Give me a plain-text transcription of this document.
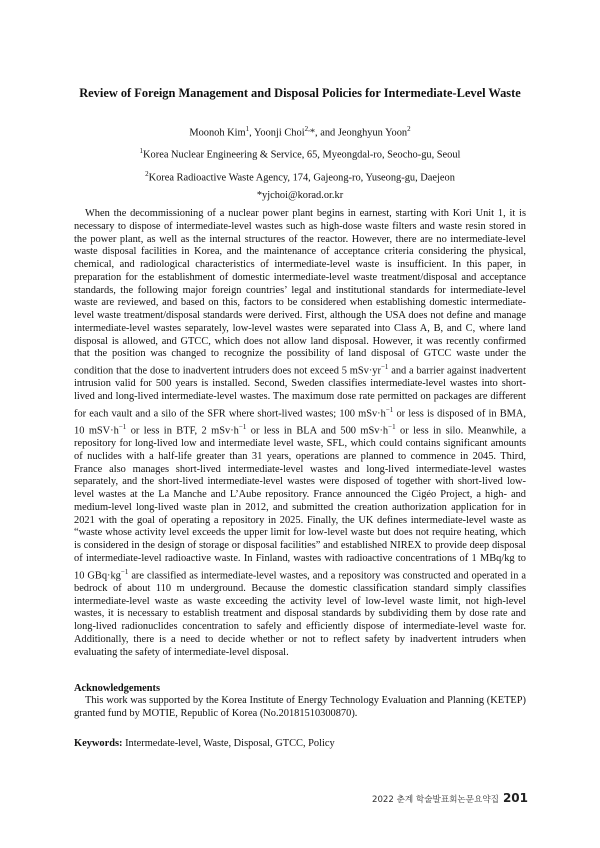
Review of Foreign Management and Disposal Policies for Intermediate-Level Waste
Moonoh Kim$^1$, Yoonji Choi$^{2,}$*, and Jeonghyun Yoon$^2$
$^1$Korea Nuclear Engineering & Service, 65, Myeongdal-ro, Seocho-gu, Seoul
$^2$Korea Radioactive Waste Agency, 174, Gajeong-ro, Yuseong-gu, Daejeon
*yjchoi@korad.or.kr

When the decommissioning of a nuclear power plant begins in earnest, starting with Kori Unit 1, it is necessary to dispose of intermediate-level wastes such as high-dose waste filters and waste resin stored in the power plant, as well as the internal structures of the reactor. However, there are no intermediate-level waste disposal facilities in Korea, and the maintenance of acceptance criteria considering the physical, chemical, and radiological characteristics of intermediate-level waste is insufficient. In this paper, in preparation for the establishment of domestic intermediate-level waste treatment/disposal and acceptance standards, the following major foreign countries’ legal and institutional standards for intermediate-level waste are reviewed, and based on this, factors to be considered when establishing domestic intermediate-level waste treatment/disposal standards were derived. First, although the USA does not define and manage intermediate-level wastes separately, low-level wastes were separated into Class A, B, and C, where land disposal is allowed, and GTCC, which does not allow land disposal. However, it was recently confirmed that the position was changed to recognize the possibility of land disposal of GTCC waste under the condition that the dose to inadvertent intruders does not exceed 5 $mSv\cdot yr^{-1}$ and a barrier against inadvertent intrusion valid for 500 years is installed. Second, Sweden classifies intermediate-level wastes into short-lived and long-lived intermediate-level wastes. The maximum dose rate permitted on packages are different for each vault and a silo of the SFR where short-lived wastes; 100 $mSv\cdot h^{-1}$ or less is disposed of in BMA, 10 $mSV\cdot h^{-1}$ or less in BTF, 2 $mSv\cdot h^{-1}$ or less in BLA and 500 $mSv\cdot h^{-1}$ or less in silo. Meanwhile, a repository for long-lived low and intermediate level waste, SFL, which could contains significant amounts of nuclides with a half-life greater than 31 years, operations are planned to commence in 2045. Third, France also manages short-lived intermediate-level wastes and long-lived intermediate-level wastes separately, and the short-lived intermediate-level wastes were disposed of together with short-lived low-level wastes at the La Manche and L’Aube repository. France announced the Cigéo Project, a high- and medium-level long-lived waste plan in 2012, and submitted the creation authorization application for in 2021 with the goal of operating a repository in 2025. Finally, the UK defines intermediate-level waste as “waste whose activity level exceeds the upper limit for low-level waste but does not require heating, which is considered in the design of storage or disposal facilities” and established NIREX to provide deep disposal of intermediate-level radioactive waste. In Finland, wastes with radioactive concentrations of 1 MBq/kg to 10 $GBq\cdot kg^{-1}$ are classified as intermediate-level wastes, and a repository was constructed and operated in a bedrock of about 110 m underground. Because the domestic classification standard simply classifies intermediate-level waste as waste exceeding the activity level of low-level waste limit, not high-level wastes, it is necessary to establish treatment and disposal standards by subdividing them by dose rate and long-lived radionuclides concentration to safely and efficiently dispose of intermediate-level waste for. Additionally, there is a need to decide whether or not to reflect safety by inadvertent intruders when evaluating the safety of intermediate-level disposal.

Acknowledgements

This work was supported by the Korea Institute of Energy Technology Evaluation and Planning (KETEP) granted fund by MOTIE, Republic of Korea (No.20181510300870).

Keywords: Intermedate-level, Waste, Disposal, GTCC, Policy
2022 춘계 학술발표회논문요약집 201
